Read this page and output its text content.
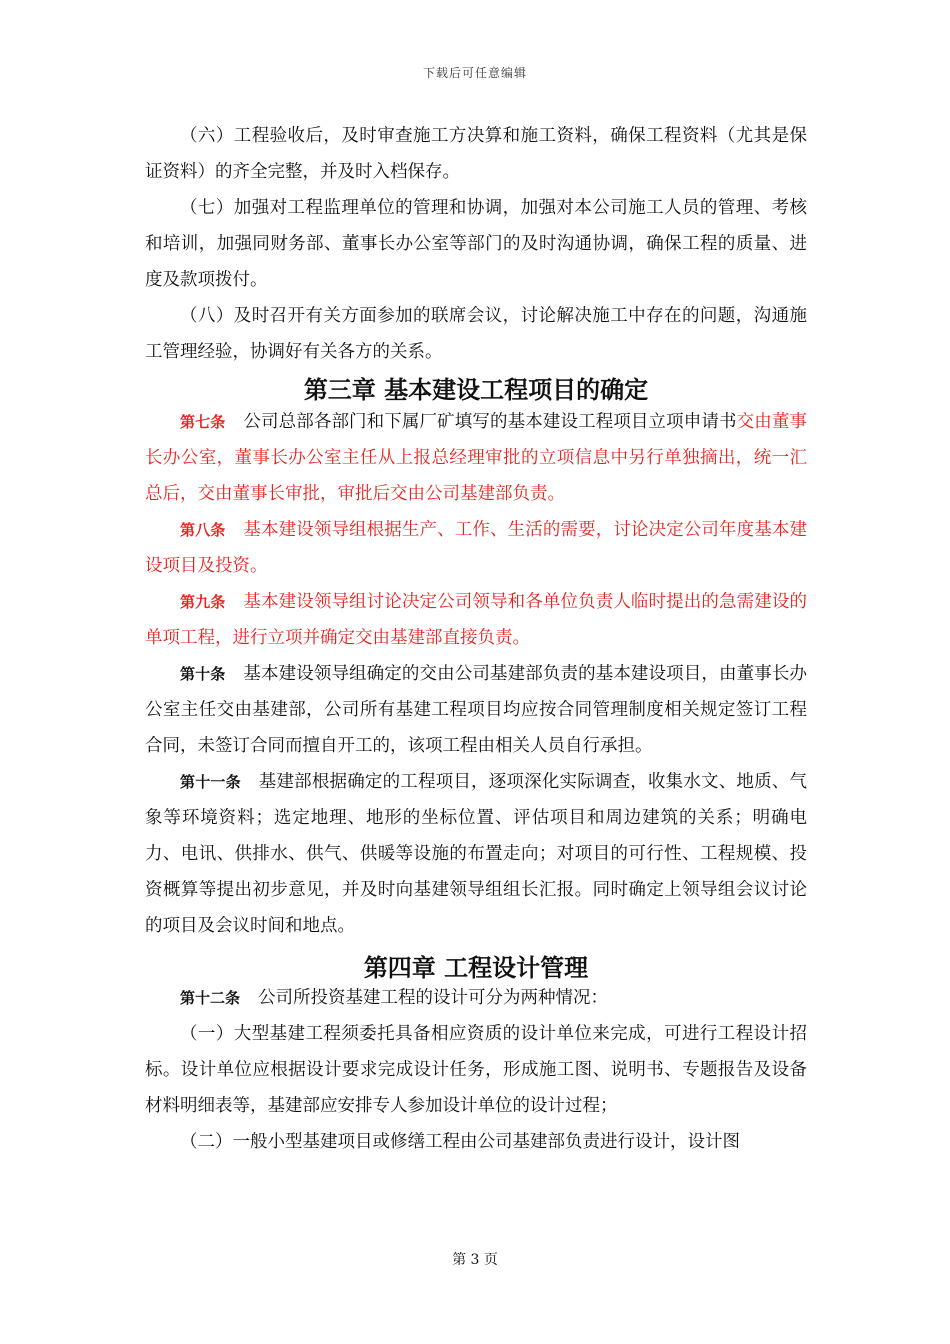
下载后可任意编辑

（六）工程验收后，及时审查施工方决算和施工资料，确保工程资料（尤其是保证资料）的齐全完整，并及时入档保存。

（七）加强对工程监理单位的管理和协调，加强对本公司施工人员的管理、考核和培训，加强同财务部、董事长办公室等部门的及时沟通协调，确保工程的质量、进度及款项拨付。

（八）及时召开有关方面参加的联席会议，讨论解决施工中存在的问题，沟通施工管理经验，协调好有关各方的关系。

第三章 基本建设工程项目的确定

第七条 公司总部各部门和下属厂矿填写的基本建设工程项目立项申请书交由董事长办公室，董事长办公室主任从上报总经理审批的立项信息中另行单独摘出，统一汇总后，交由董事长审批，审批后交由公司基建部负责。

第八条 基本建设领导组根据生产、工作、生活的需要，讨论决定公司年度基本建设项目及投资。

第九条 基本建设领导组讨论决定公司领导和各单位负责人临时提出的急需建设的单项工程，进行立项并确定交由基建部直接负责。

第十条 基本建设领导组确定的交由公司基建部负责的基本建设项目，由董事长办公室主任交由基建部，公司所有基建工程项目均应按合同管理制度相关规定签订工程合同，未签订合同而擅自开工的，该项工程由相关人员自行承担。

第十一条 基建部根据确定的工程项目，逐项深化实际调查，收集水文、地质、气象等环境资料；选定地理、地形的坐标位置、评估项目和周边建筑的关系；明确电力、电讯、供排水、供气、供暖等设施的布置走向；对项目的可行性、工程规模、投资概算等提出初步意见，并及时向基建领导组组长汇报。同时确定上领导组会议讨论的项目及会议时间和地点。

第四章 工程设计管理

第十二条 公司所投资基建工程的设计可分为两种情况：

（一）大型基建工程须委托具备相应资质的设计单位来完成，可进行工程设计招标。设计单位应根据设计要求完成设计任务，形成施工图、说明书、专题报告及设备材料明细表等，基建部应安排专人参加设计单位的设计过程；

（二）一般小型基建项目或修缮工程由公司基建部负责进行设计，设计图

第 3 页
